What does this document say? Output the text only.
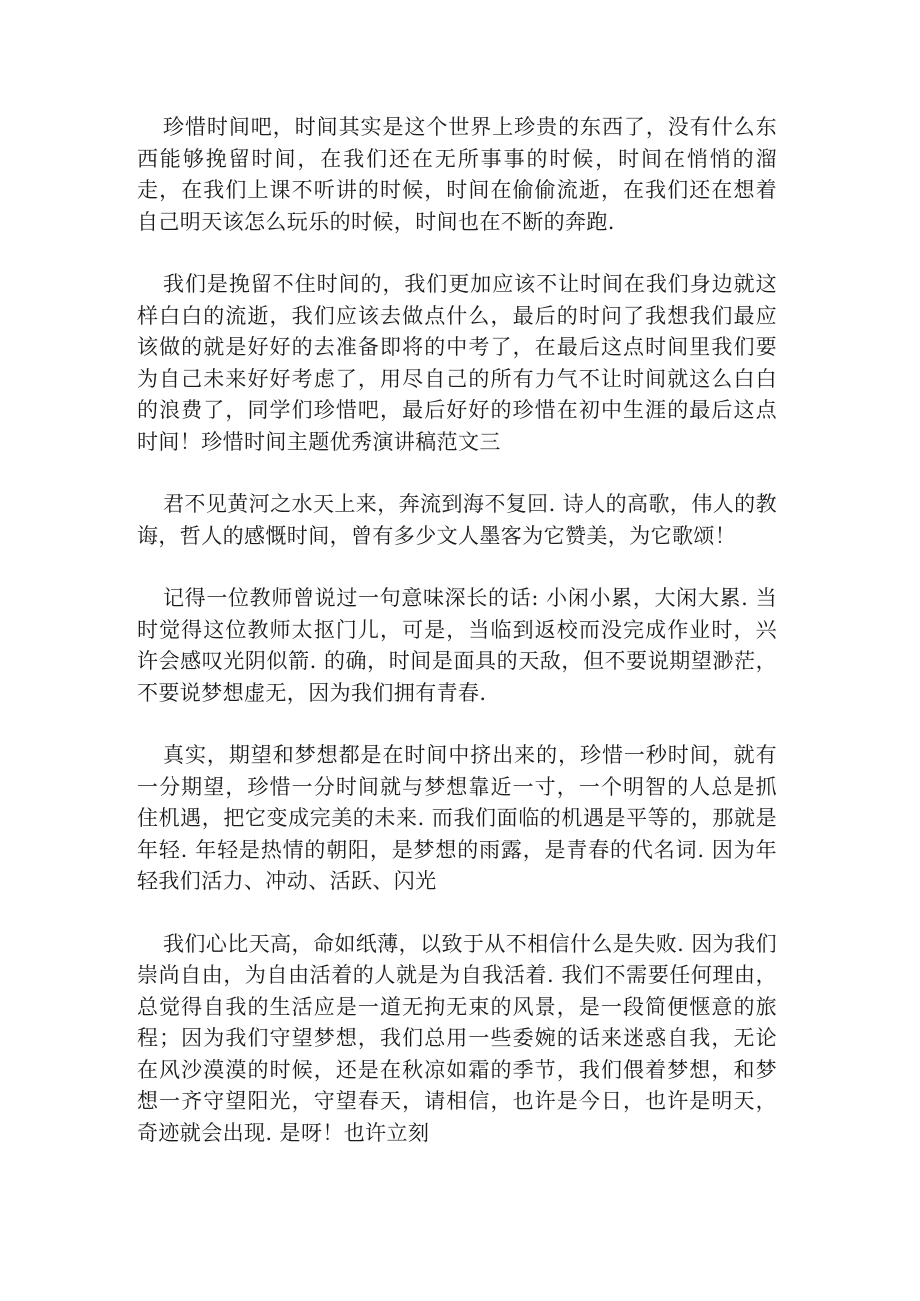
珍惜时间吧，时间其实是这个世界上珍贵的东西了，没有什么东西能够挽留时间，在我们还在无所事事的时候，时间在悄悄的溜走，在我们上课不听讲的时候，时间在偷偷流逝，在我们还在想着自己明天该怎么玩乐的时候，时间也在不断的奔跑.

我们是挽留不住时间的，我们更加应该不让时间在我们身边就这样白白的流逝，我们应该去做点什么，最后的时问了我想我们最应该做的就是好好的去准备即将的中考了，在最后这点时间里我们要为自己未来好好考虑了，用尽自己的所有力气不让时间就这么白白的浪费了，同学们珍惜吧，最后好好的珍惜在初中生涯的最后这点时间！珍惜时间主题优秀演讲稿范文三

君不见黄河之水天上来，奔流到海不复回. 诗人的高歌，伟人的教诲，哲人的感慨时间，曾有多少文人墨客为它赞美，为它歌颂！

记得一位教师曾说过一句意味深长的话: 小闲小累，大闲大累. 当时觉得这位教师太抠门儿，可是，当临到返校而没完成作业时，兴许会感叹光阴似箭. 的确，时间是面具的天敌，但不要说期望渺茫，不要说梦想虚无，因为我们拥有青春.

真实，期望和梦想都是在时间中挤出来的，珍惜一秒时间，就有一分期望，珍惜一分时间就与梦想靠近一寸，一个明智的人总是抓住机遇，把它变成完美的未来. 而我们面临的机遇是平等的，那就是年轻. 年轻是热情的朝阳，是梦想的雨露，是青春的代名词. 因为年轻我们活力、冲动、活跃、闪光

我们心比天高，命如纸薄，以致于从不相信什么是失败. 因为我们崇尚自由，为自由活着的人就是为自我活着. 我们不需要任何理由，总觉得自我的生活应是一道无拘无束的风景，是一段简便惬意的旅程；因为我们守望梦想，我们总用一些委婉的话来迷惑自我，无论在风沙漠漠的时候，还是在秋凉如霜的季节，我们偎着梦想，和梦想一齐守望阳光，守望春天，请相信，也许是今日，也许是明天，奇迹就会出现. 是呀！也许立刻
